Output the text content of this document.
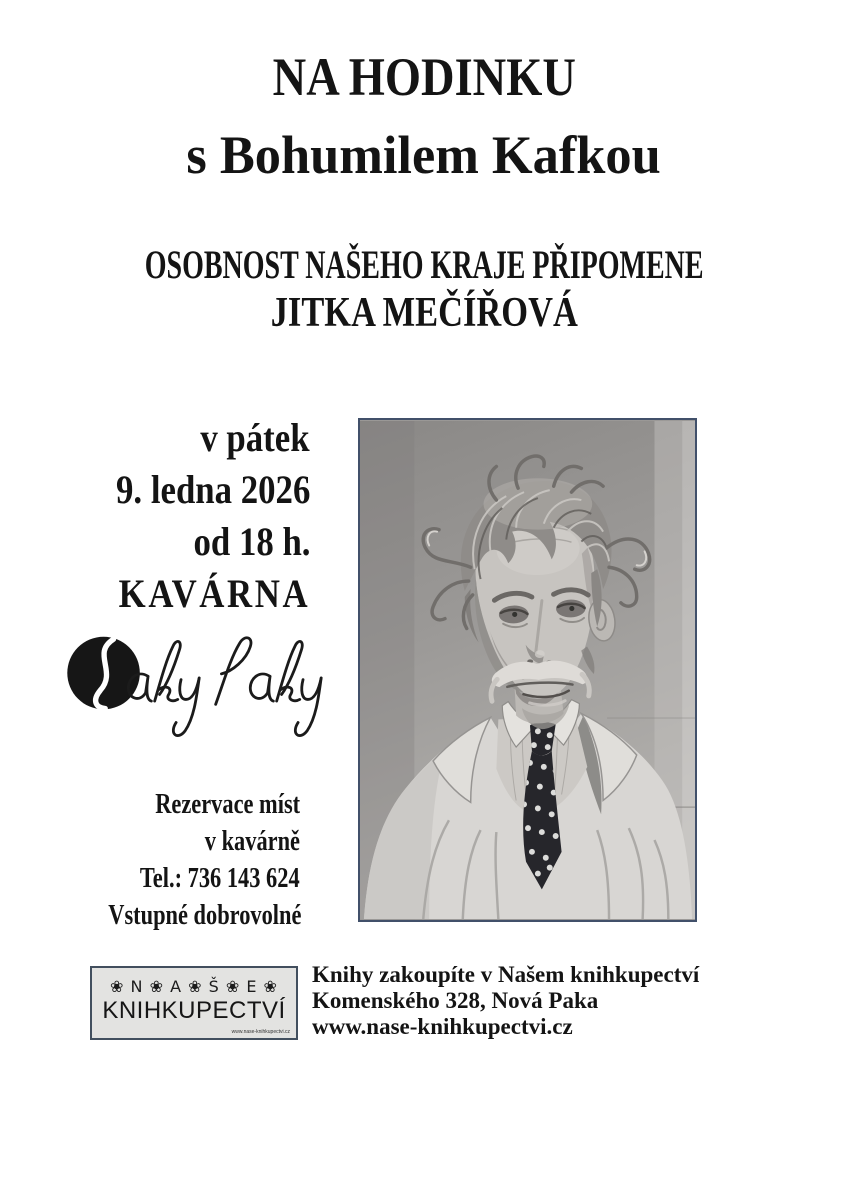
NA HODINKU
s Bohumilem Kafkou
OSOBNOST NAŠEHO KRAJE PŘIPOMENE
JITKA MEČÍŘOVÁ
v pátek
9. ledna 2026
od 18 h.
KAVÁRNA
Rezervace míst
v kavárně
Tel.: 736 143 624
Vstupné dobrovolné
❀ N ❀ A ❀ Š ❀ E ❀
KNIHKUPECTVÍ
www.nase-knihkupectvi.cz
Knihy zakoupíte v Našem knihkupectví
Komenského 328, Nová Paka
www.nase-knihkupectvi.cz
